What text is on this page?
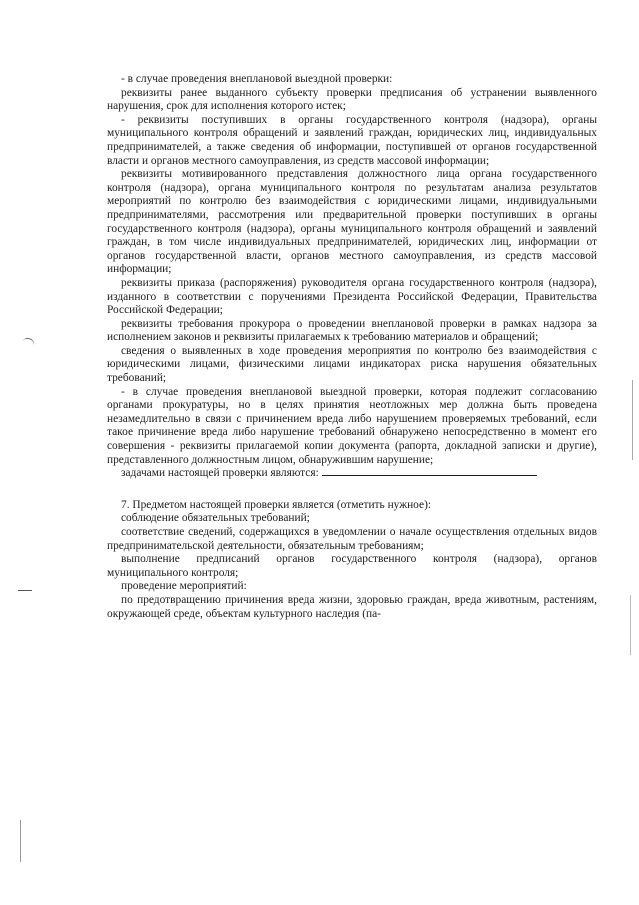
- в случае проведения внеплановой выездной проверки:

реквизиты ранее выданного субъекту проверки предписания об устранении выявленного нарушения, срок для исполнения которого истек;

- реквизиты поступивших в органы государственного контроля (надзора), органы муниципального контроля обращений и заявлений граждан, юридических лиц, индивидуальных предпринимателей, а также сведения об информации, поступившей от органов государственной власти и органов местного самоуправления, из средств массовой информации;

реквизиты мотивированного представления должностного лица органа государственного контроля (надзора), органа муниципального контроля по результатам анализа результатов мероприятий по контролю без взаимодействия с юридическими лицами, индивидуальными предпринимателями, рассмотрения или предварительной проверки поступивших в органы государственного контроля (надзора), органы муниципального контроля обращений и заявлений граждан, в том числе индивидуальных предпринимателей, юридических лиц, информации от органов государственной власти, органов местного самоуправления, из средств массовой информации;

реквизиты приказа (распоряжения) руководителя органа государственного контроля (надзора), изданного в соответствии с поручениями Президента Российской Федерации, Правительства Российской Федерации;

реквизиты требования прокурора о проведении внеплановой проверки в рамках надзора за исполнением законов и реквизиты прилагаемых к требованию материалов и обращений;

сведения о выявленных в ходе проведения мероприятия по контролю без взаимодействия с юридическими лицами, физическими лицами индикаторах риска нарушения обязательных требований;

- в случае проведения внеплановой выездной проверки, которая подлежит согласованию органами прокуратуры, но в целях принятия неотложных мер должна быть проведена незамедлительно в связи с причинением вреда либо нарушением проверяемых требований, если такое причинение вреда либо нарушение требований обнаружено непосредственно в момент его совершения - реквизиты прилагаемой копии документа (рапорта, докладной записки и другие), представленного должностным лицом, обнаружившим нарушение;

задачами настоящей проверки являются:

7. Предметом настоящей проверки является (отметить нужное):

соблюдение обязательных требований;

соответствие сведений, содержащихся в уведомлении о начале осуществления отдельных видов предпринимательской деятельности, обязательным требованиям;

выполнение предписаний органов государственного контроля (надзора), органов муниципального контроля;

проведение мероприятий:

по предотвращению причинения вреда жизни, здоровью граждан, вреда животным, растениям, окружающей среде, объектам культурного наследия (па-
